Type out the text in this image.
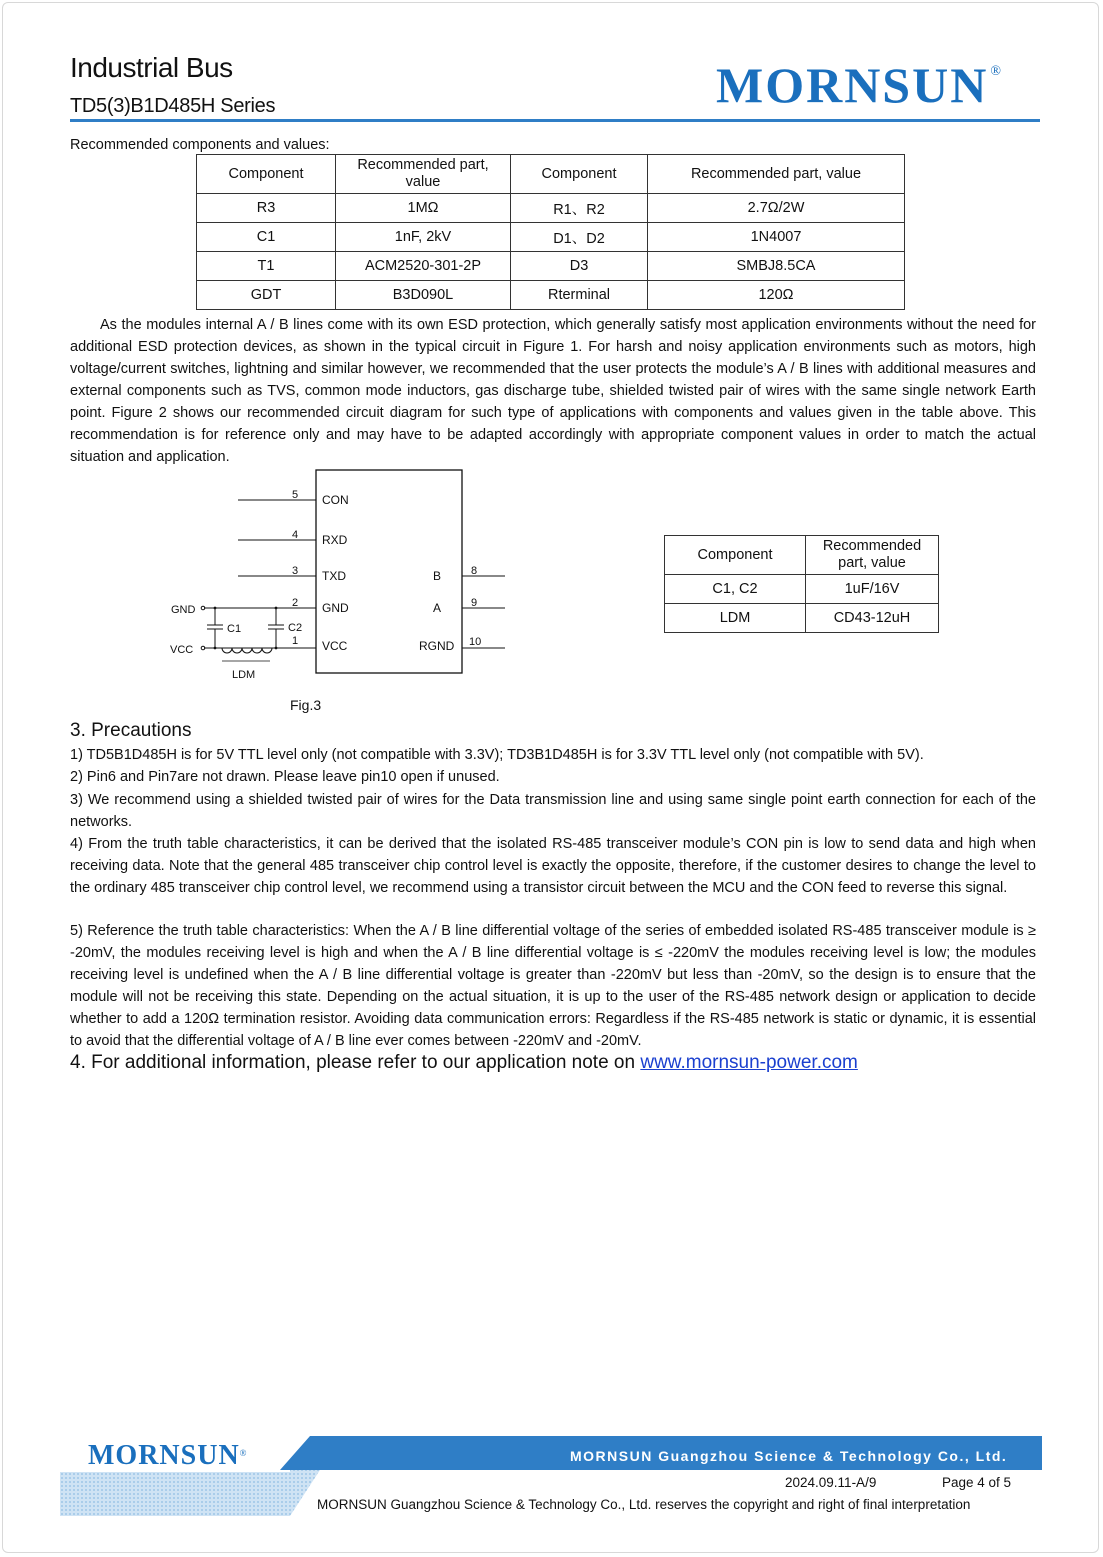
Industrial Bus
TD5(3)B1D485H Series	MORNSUN ®
Recommended components and values:
Component	Recommended part, value	Component	Recommended part, value
R3	1MΩ	R1、R2	2.7Ω/2W
C1	1nF, 2kV	D1、D2	1N4007
T1	ACM2520-301-2P	D3	SMBJ8.5CA
GDT	B3D090L	Rterminal	120Ω
As the modules internal A / B lines come with its own ESD protection, which generally satisfy most application environments without the need for additional ESD protection devices, as shown in the typical circuit in Figure 1. For harsh and noisy application environments such as motors, high voltage/current switches, lightning and similar however, we recommended that the user protects the module’s A / B lines with additional measures and external components such as TVS, common mode inductors, gas discharge tube, shielded twisted pair of wires with the same single network Earth point. Figure 2 shows our recommended circuit diagram for such type of applications with components and values given in the table above. This recommendation is for reference only and may have to be adapted accordingly with appropriate component values in order to match the actual situation and application.
5
4
3
2
1
CON
RXD
TXD
GND
VCC
8
9
10
B
A
RGND
GND
VCC
C1	C2
LDM
Fig.3
Component	Recommended part, value
C1, C2	1uF/16V
LDM	CD43-12uH
3. Precautions
1) TD5B1D485H is for 5V TTL level only (not compatible with 3.3V); TD3B1D485H is for 3.3V TTL level only (not compatible with 5V).
2) Pin6 and Pin7are not drawn. Please leave pin10 open if unused.
3) We recommend using a shielded twisted pair of wires for the Data transmission line and using same single point earth connection for each of the networks.
4) From the truth table characteristics, it can be derived that the isolated RS-485 transceiver module’s CON pin is low to send data and high when receiving data. Note that the general 485 transceiver chip control level is exactly the opposite, therefore, if the customer desires to change the level to the ordinary 485 transceiver chip control level, we recommend using a transistor circuit between the MCU and the CON feed to reverse this signal.
5) Reference the truth table characteristics: When the A / B line differential voltage of the series of embedded isolated RS-485 transceiver module is ≥ -20mV, the modules receiving level is high and when the A / B line differential voltage is ≤ -220mV the modules receiving level is low; the modules receiving level is undefined when the A / B line differential voltage is greater than -220mV but less than -20mV, so the design is to ensure that the module will not be receiving this state. Depending on the actual situation, it is up to the user of the RS-485 network design or application to decide whether to add a 120Ω termination resistor. Avoiding data communication errors: Regardless if the RS-485 network is static or dynamic, it is essential to avoid that the differential voltage of A / B line ever comes between -220mV and -20mV.
4. For additional information, please refer to our application note on www.mornsun-power.com
MORNSUN®	MORNSUN Guangzhou Science & Technology Co., Ltd.
2024.09.11-A/9	Page 4 of 5
MORNSUN Guangzhou Science & Technology Co., Ltd. reserves the copyright and right of final interpretation
